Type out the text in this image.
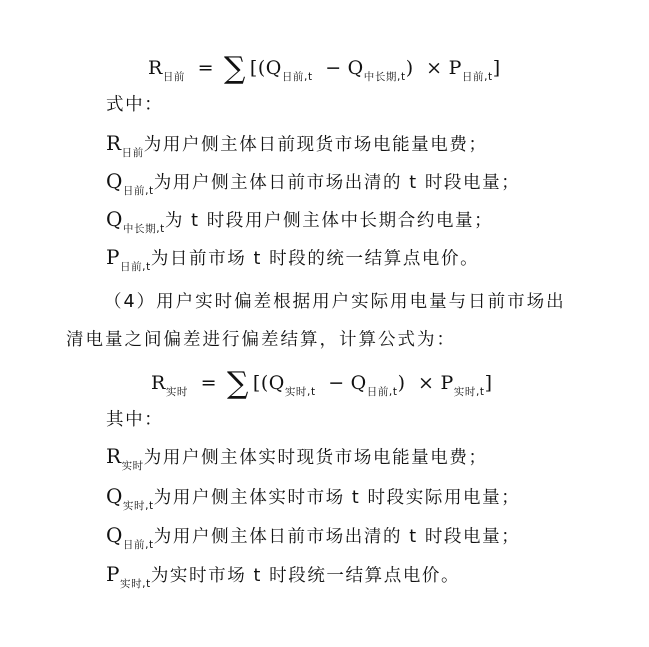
$R_{日前}$ = ∑ $[(Q_{日前,t} - Q_{中长期,t}) \times P_{日前,t}]$
式中：
$R_{日前}$为用户侧主体日前现货市场电能量电费；
$Q_{日前,t}$为用户侧主体日前市场出清的 t 时段电量；
$Q_{中长期,t}$为 t 时段用户侧主体中长期合约电量；
$P_{日前,t}$为日前市场 t 时段的统一结算点电价。
（4）用户实时偏差根据用户实际用电量与日前市场出
清电量之间偏差进行偏差结算，计算公式为：
$R_{实时}$ = ∑ $[(Q_{实时,t} - Q_{日前,t}) \times P_{实时,t}]$
其中：
$R_{实时}$为用户侧主体实时现货市场电能量电费；
$Q_{实时,t}$为用户侧主体实时市场 t 时段实际用电量；
$Q_{日前,t}$为用户侧主体日前市场出清的 t 时段电量；
$P_{实时,t}$为实时市场 t 时段统一结算点电价。
